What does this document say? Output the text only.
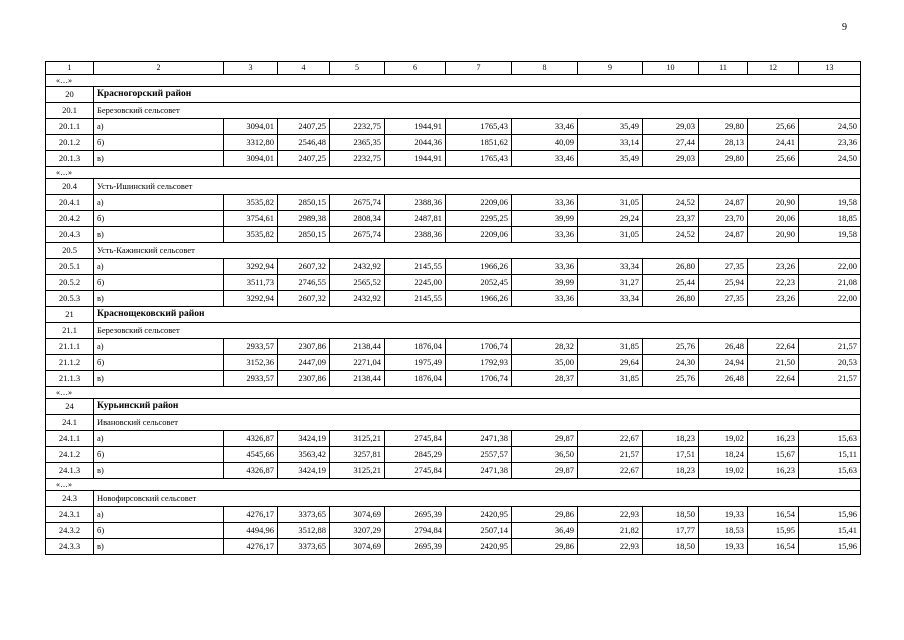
9
1	2	3	4	5	6	7	8	9	10	11	12	13
«…»												
20	Красногорский район											
20.1	Березовский сельсовет											
20.1.1	а)	3094,01	2407,25	2232,75	1944,91	1765,43	33,46	35,49	29,03	29,80	25,66	24,50
20.1.2	б)	3312,80	2546,48	2365,35	2044,36	1851,62	40,09	33,14	27,44	28,13	24,41	23,36
20.1.3	в)	3094,01	2407,25	2232,75	1944,91	1765,43	33,46	35,49	29,03	29,80	25,66	24,50
«…»												
20.4	Усть-Ишинский сельсовет											
20.4.1	а)	3535,82	2850,15	2675,74	2388,36	2209,06	33,36	31,05	24,52	24,87	20,90	19,58
20.4.2	б)	3754,61	2989,38	2808,34	2487,81	2295,25	39,99	29,24	23,37	23,70	20,06	18,85
20.4.3	в)	3535,82	2850,15	2675,74	2388,36	2209,06	33,36	31,05	24,52	24,87	20,90	19,58
20.5	Усть-Кажинский сельсовет											
20.5.1	а)	3292,94	2607,32	2432,92	2145,55	1966,26	33,36	33,34	26,80	27,35	23,26	22,00
20.5.2	б)	3511,73	2746,55	2565,52	2245,00	2052,45	39,99	31,27	25,44	25,94	22,23	21,08
20.5.3	в)	3292,94	2607,32	2432,92	2145,55	1966,26	33,36	33,34	26,80	27,35	23,26	22,00
21	Краснощековский район											
21.1	Березовский сельсовет											
21.1.1	а)	2933,57	2307,86	2138,44	1876,04	1706,74	28,32	31,85	25,76	26,48	22,64	21,57
21.1.2	б)	3152,36	2447,09	2271,04	1975,49	1792,93	35,00	29,64	24,30	24,94	21,50	20,53
21.1.3	в)	2933,57	2307,86	2138,44	1876,04	1706,74	28,37	31,85	25,76	26,48	22,64	21,57
«…»												
24	Курьинский район											
24.1	Ивановский сельсовет											
24.1.1	а)	4326,87	3424,19	3125,21	2745,84	2471,38	29,87	22,67	18,23	19,02	16,23	15,63
24.1.2	б)	4545,66	3563,42	3257,81	2845,29	2557,57	36,50	21,57	17,51	18,24	15,67	15,11
24.1.3	в)	4326,87	3424,19	3125,21	2745,84	2471,38	29,87	22,67	18,23	19,02	16,23	15,63
«…»												
24.3	Новофирсовский сельсовет											
24.3.1	а)	4276,17	3373,65	3074,69	2695,39	2420,95	29,86	22,93	18,50	19,33	16,54	15,96
24.3.2	б)	4494,96	3512,88	3207,29	2794,84	2507,14	36,49	21,82	17,77	18,53	15,95	15,41
24.3.3	в)	4276,17	3373,65	3074,69	2695,39	2420,95	29,86	22,93	18,50	19,33	16,54	15,96
